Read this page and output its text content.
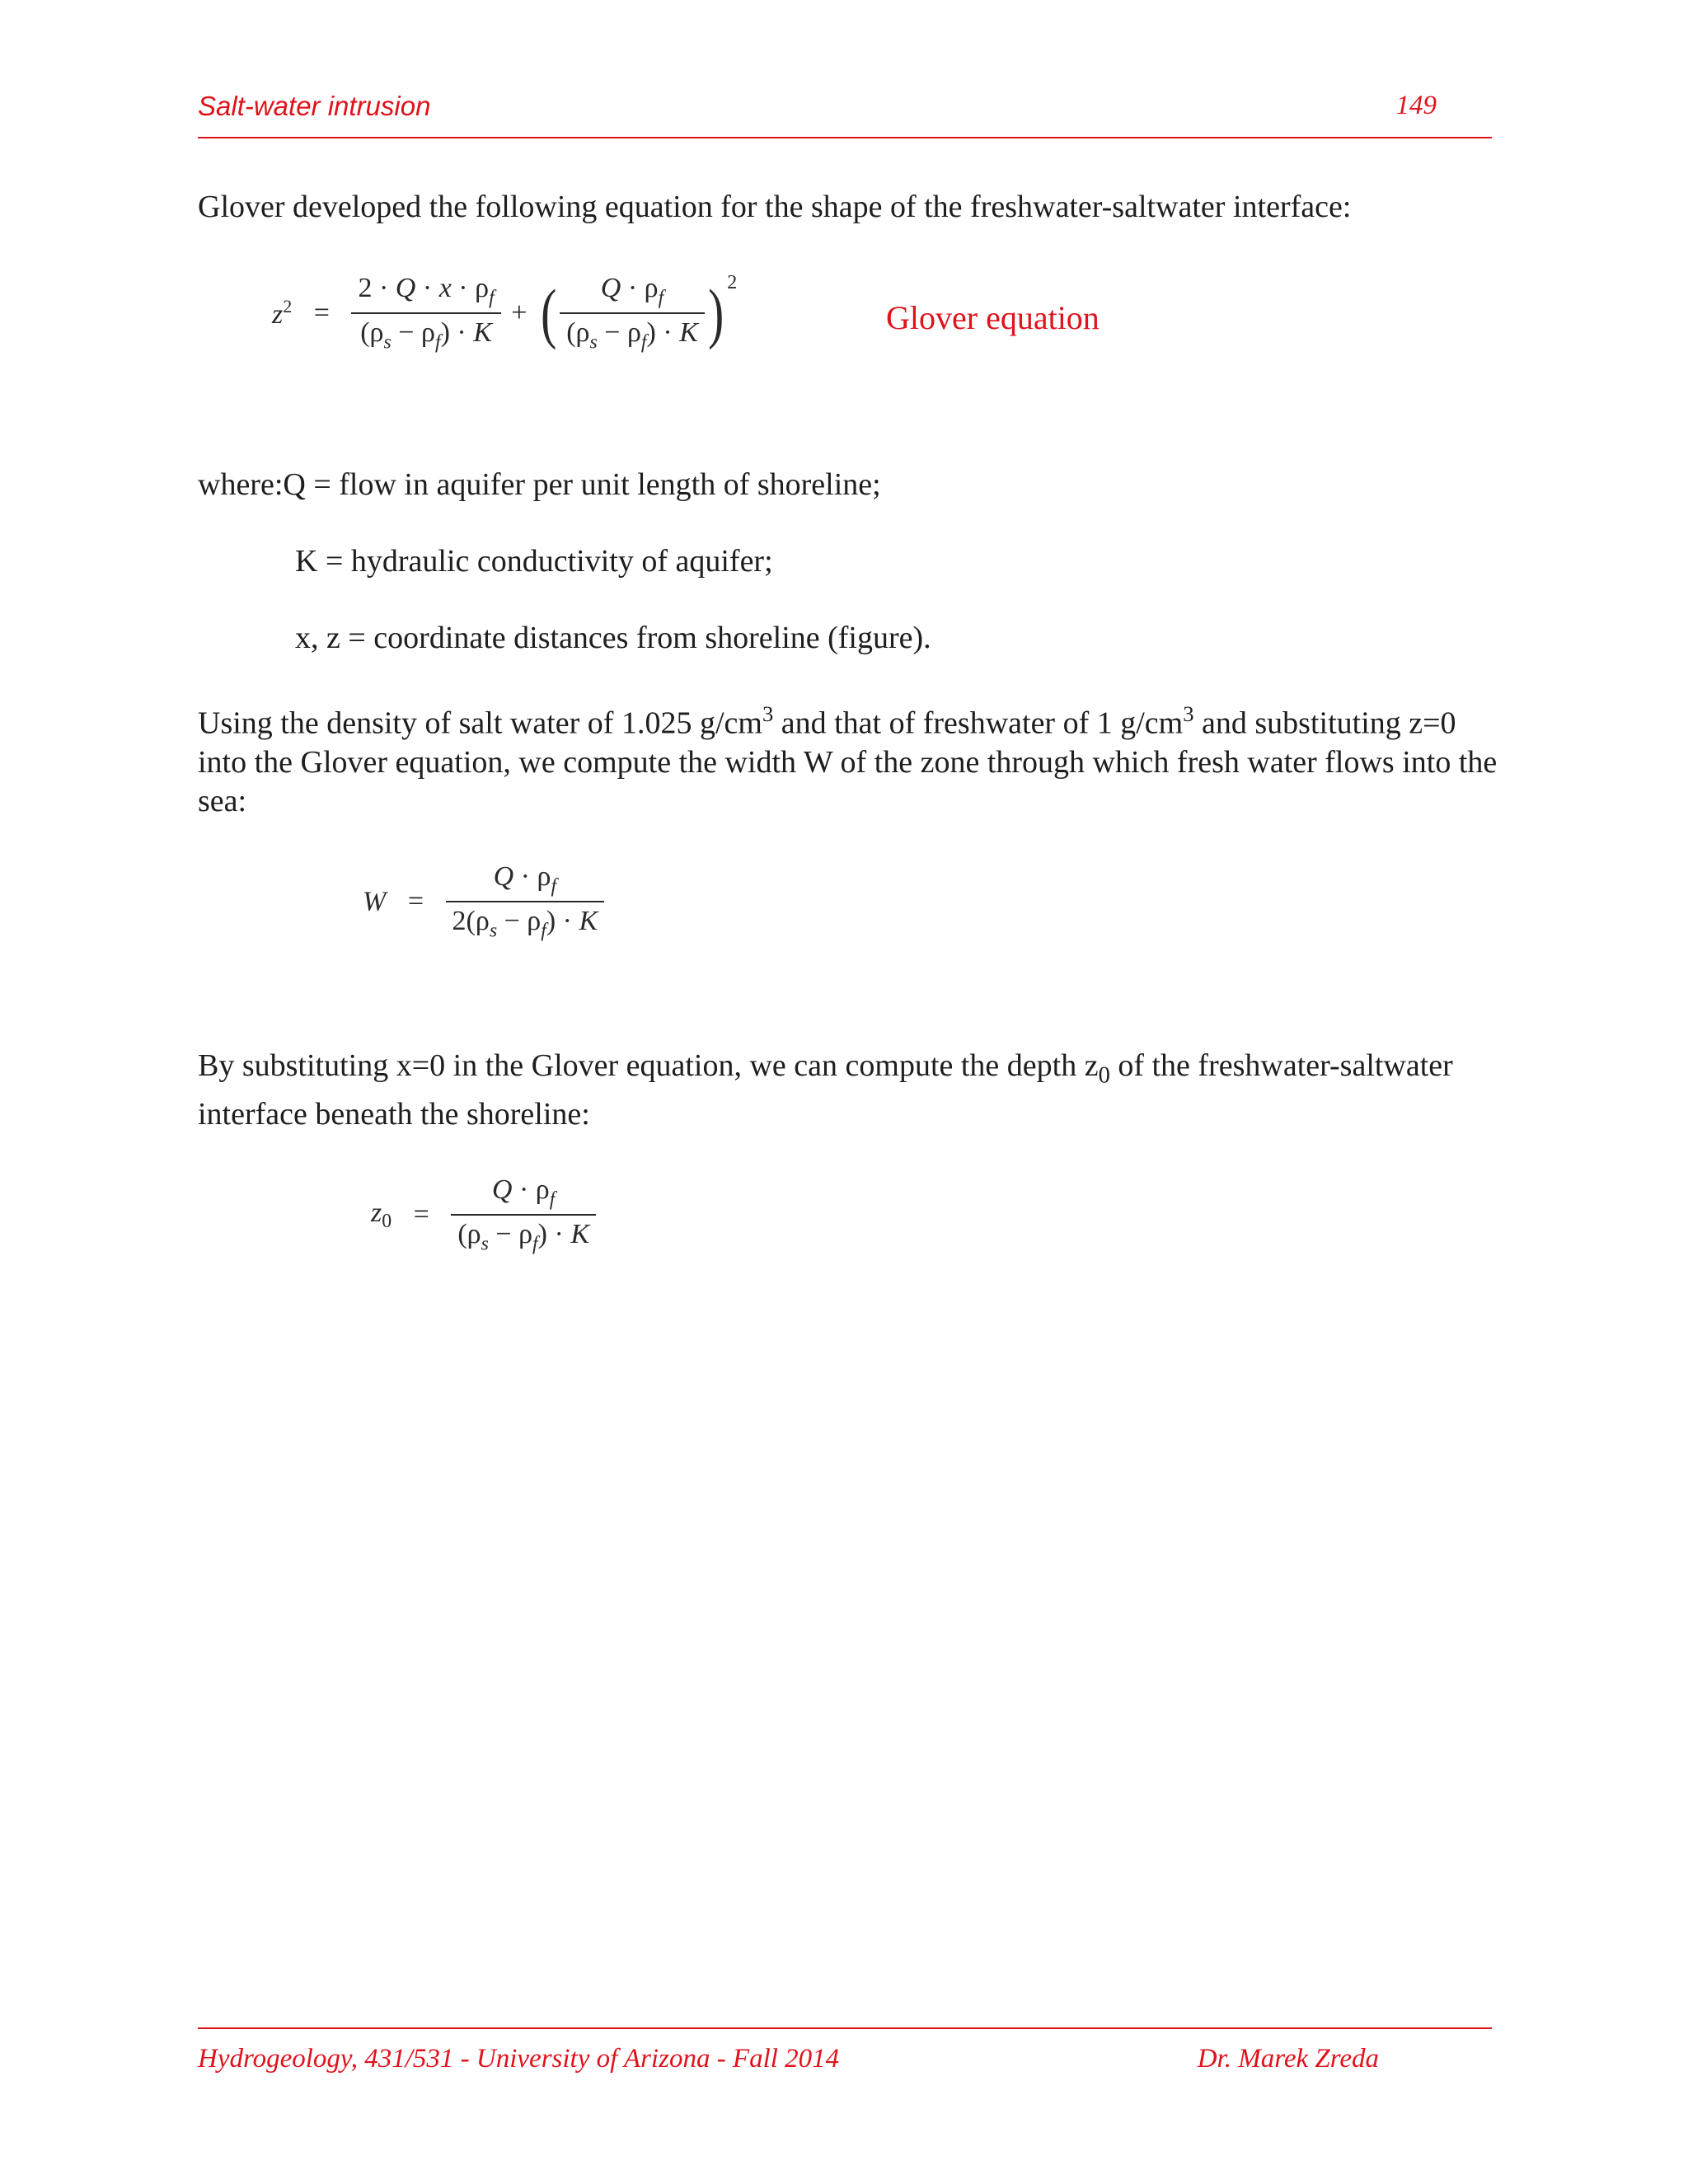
Salt-water intrusion	149
Glover developed the following equation for the shape of the freshwater-saltwater interface:
$z^2 = \frac{2 \cdot Q \cdot x \cdot \rho_f}{(\rho_s - \rho_f) \cdot K}$ + ( $\frac{Q \cdot \rho_f}{(\rho_s - \rho_f) \cdot K}$ ) $^2$
Glover equation
where:Q = flow in aquifer per unit length of shoreline;
K = hydraulic conductivity of aquifer;
x, z = coordinate distances from shoreline (figure).
Using the density of salt water of 1.025 $g/cm^3$ and that of freshwater of 1 $g/cm^3$ and substituting z=0 into the Glover equation, we compute the width W of the zone through which fresh water flows into the sea:
$W = \frac{Q \cdot \rho_f}{2(\rho_s - \rho_f) \cdot K}$
By substituting x=0 in the Glover equation, we can compute the depth $z_0$ of the freshwater-saltwater interface beneath the shoreline:
$z_0 = \frac{Q \cdot \rho_f}{(\rho_s - \rho_f) \cdot K}$
Hydrogeology, 431/531 - University of Arizona - Fall 2014	Dr. Marek Zreda
